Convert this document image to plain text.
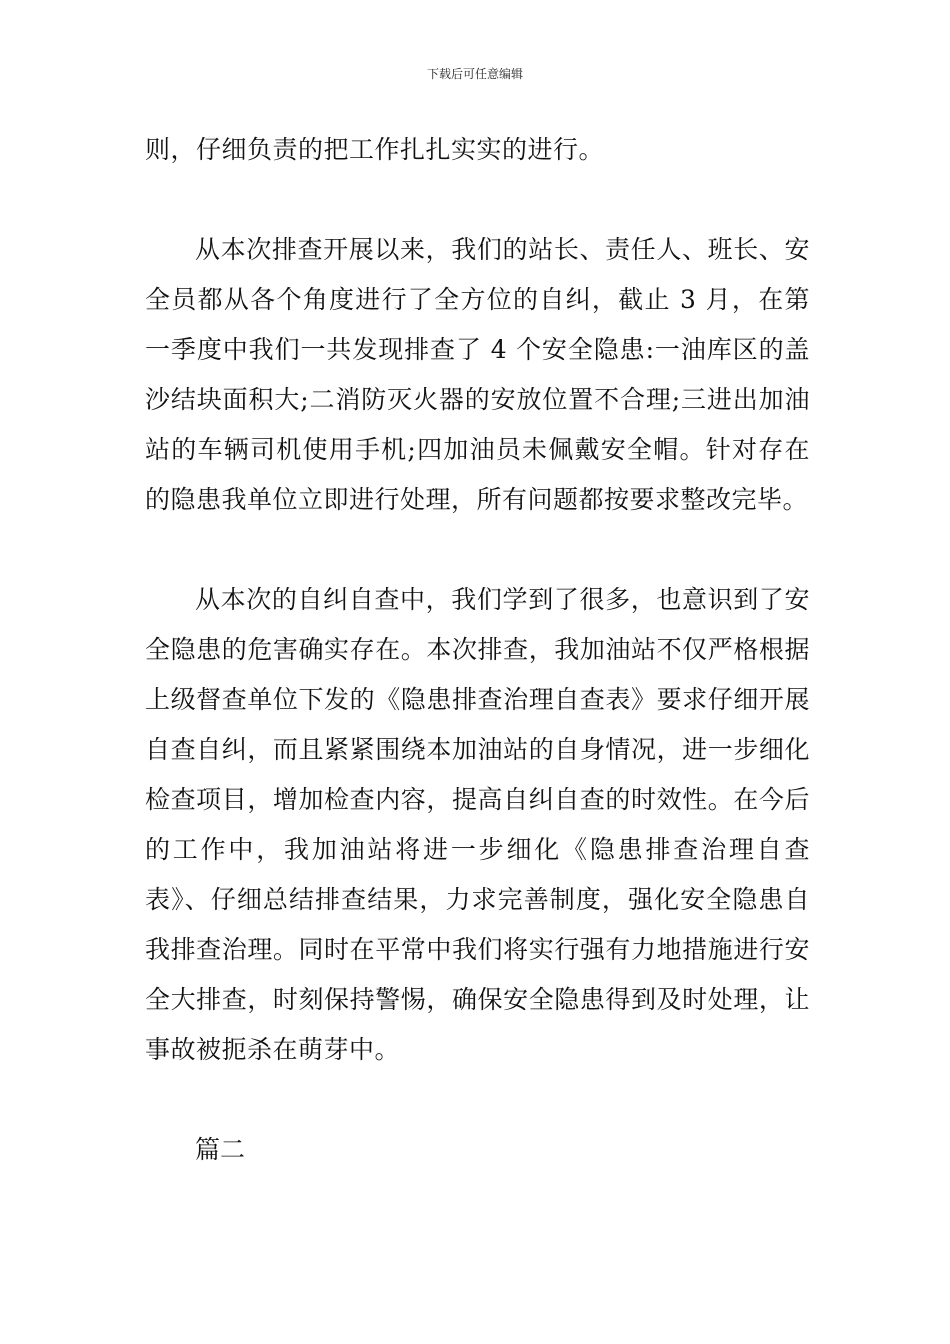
下载后可任意编辑

则，仔细负责的把工作扎扎实实的进行。

从本次排查开展以来，我们的站长、责任人、班长、安全员都从各个角度进行了全方位的自纠，截止 3 月，在第一季度中我们一共发现排查了 4 个安全隐患:一油库区的盖沙结块面积大;二消防灭火器的安放位置不合理;三进出加油站的车辆司机使用手机;四加油员未佩戴安全帽。针对存在的隐患我单位立即进行处理，所有问题都按要求整改完毕。

从本次的自纠自查中，我们学到了很多，也意识到了安全隐患的危害确实存在。本次排查，我加油站不仅严格根据上级督查单位下发的《隐患排查治理自查表》要求仔细开展自查自纠，而且紧紧围绕本加油站的自身情况，进一步细化检查项目，增加检查内容，提高自纠自查的时效性。在今后的工作中，我加油站将进一步细化《隐患排查治理自查表》、仔细总结排查结果，力求完善制度，强化安全隐患自我排查治理。同时在平常中我们将实行强有力地措施进行安全大排查，时刻保持警惕，确保安全隐患得到及时处理，让事故被扼杀在萌芽中。

篇二
